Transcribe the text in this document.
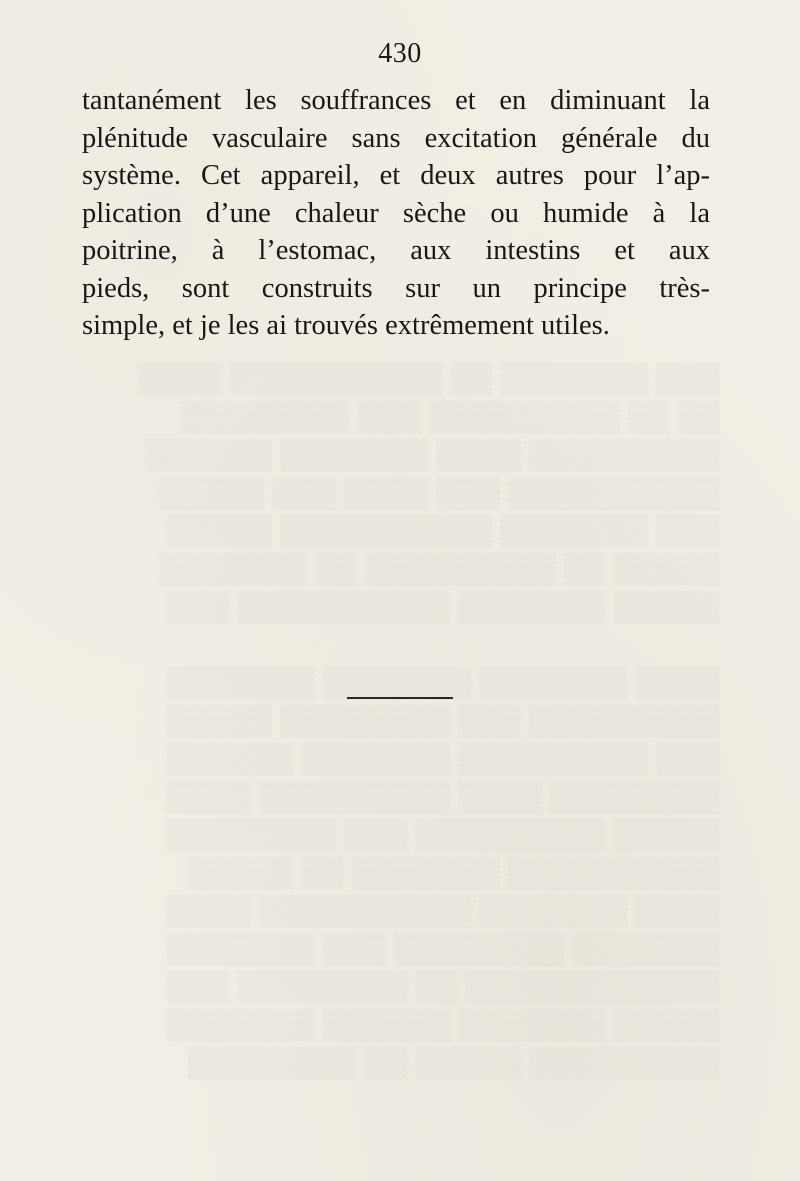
▒▒▒ ▒▒▒▒▒▒▒ ▒▒ ▒▒▒▒▒▒▒▒▒▒ ▒▒▒▒
▒▒ ▒▒ ▒▒▒▒▒▒▒▒▒ ▒▒▒ ▒▒▒▒▒▒▒▒
▒▒▒▒▒▒▒▒▒ ▒▒▒▒ ▒▒▒▒▒▒▒ ▒▒▒▒▒▒
▒▒▒▒▒▒▒▒▒▒ ▒▒▒ ▒▒▒▒ ▒▒▒ ▒▒▒▒▒
▒▒▒ ▒▒▒▒▒▒▒ ▒▒▒▒▒▒▒▒▒▒ ▒▒▒▒▒
▒▒▒▒▒ ▒▒ ▒▒▒▒▒▒▒▒▒ ▒▒ ▒▒▒▒▒▒▒
▒▒▒▒▒ ▒▒▒▒▒▒▒ ▒▒▒▒▒▒▒▒▒▒ ▒▒▒
▒▒▒▒ ▒▒▒▒▒▒▒ ▒▒▒▒▒▒▒ ▒▒▒▒▒▒▒
▒▒▒▒▒▒▒▒▒ ▒▒▒ ▒▒▒▒▒▒▒▒ ▒▒▒▒▒
▒▒▒ ▒▒▒▒▒▒▒▒▒ ▒▒▒▒▒▒▒ ▒▒▒▒▒▒
▒▒▒▒▒▒▒▒ ▒▒▒▒ ▒▒▒▒▒▒▒▒▒ ▒▒▒▒
▒▒▒▒▒ ▒▒▒▒▒▒▒▒▒ ▒▒▒ ▒▒▒▒▒▒▒▒
▒▒▒▒▒▒▒▒▒▒ ▒▒▒▒▒▒▒ ▒▒ ▒▒▒▒▒
▒▒▒▒ ▒▒▒▒▒▒▒ ▒▒▒▒▒▒▒▒▒▒ ▒▒▒▒
▒▒▒▒▒▒▒ ▒▒▒▒▒▒▒▒ ▒▒▒ ▒▒▒▒▒▒▒
▒▒▒▒▒▒▒▒▒▒▒▒ ▒▒ ▒▒▒▒▒▒▒▒ ▒▒▒
▒▒▒▒▒ ▒▒▒▒▒▒▒ ▒▒▒▒▒▒ ▒▒▒▒▒▒▒
▒▒▒▒▒▒▒▒▒ ▒▒▒▒▒ ▒▒ ▒▒▒▒▒▒▒▒
430
tantanément les souffrances et en diminuant la
plénitude vasculaire sans excitation générale du
système. Cet appareil, et deux autres pour l’ap-
plication d’une chaleur sèche ou humide à la
poitrine, à l’estomac, aux intestins et aux
pieds, sont construits sur un principe très-
simple, et je les ai trouvés extrêmement utiles.
